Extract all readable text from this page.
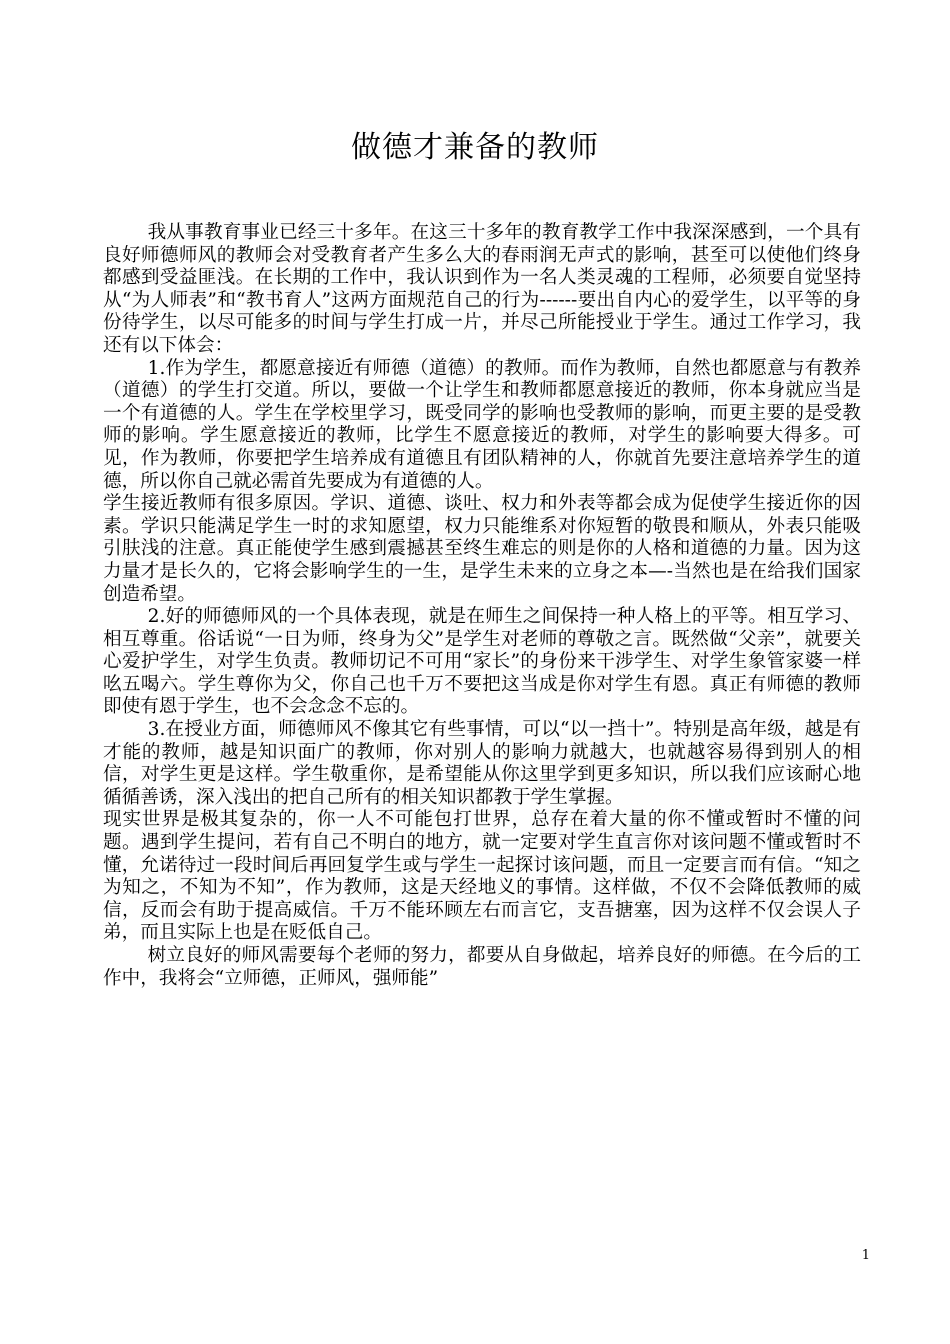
做德才兼备的教师

我从事教育事业已经三十多年。在这三十多年的教育教学工作中我深深感到，一个具有良好师德师风的教师会对受教育者产生多么大的春雨润无声式的影响，甚至可以使他们终身都感到受益匪浅。在长期的工作中，我认识到作为一名人类灵魂的工程师，必须要自觉坚持从“为人师表”和“教书育人”这两方面规范自己的行为------要出自内心的爱学生，以平等的身份待学生，以尽可能多的时间与学生打成一片，并尽己所能授业于学生。通过工作学习，我还有以下体会：

1.作为学生，都愿意接近有师德（道德）的教师。而作为教师，自然也都愿意与有教养（道德）的学生打交道。所以，要做一个让学生和教师都愿意接近的教师，你本身就应当是一个有道德的人。学生在学校里学习，既受同学的影响也受教师的影响，而更主要的是受教师的影响。学生愿意接近的教师，比学生不愿意接近的教师，对学生的影响要大得多。可见，作为教师，你要把学生培养成有道德且有团队精神的人，你就首先要注意培养学生的道德，所以你自己就必需首先要成为有道德的人。

学生接近教师有很多原因。学识、道德、谈吐、权力和外表等都会成为促使学生接近你的因素。学识只能满足学生一时的求知愿望，权力只能维系对你短暂的敬畏和顺从，外表只能吸引肤浅的注意。真正能使学生感到震撼甚至终生难忘的则是你的人格和道德的力量。因为这力量才是长久的，它将会影响学生的一生，是学生未来的立身之本—-当然也是在给我们国家创造希望。

2.好的师德师风的一个具体表现，就是在师生之间保持一种人格上的平等。相互学习、相互尊重。俗话说“一日为师，终身为父”是学生对老师的尊敬之言。既然做“父亲”，就要关心爱护学生，对学生负责。教师切记不可用“家长”的身份来干涉学生、对学生象管家婆一样吆五喝六。学生尊你为父，你自己也千万不要把这当成是你对学生有恩。真正有师德的教师即使有恩于学生，也不会念念不忘的。

3.在授业方面，师德师风不像其它有些事情，可以“以一挡十”。特别是高年级，越是有才能的教师，越是知识面广的教师，你对别人的影响力就越大，也就越容易得到别人的相信，对学生更是这样。学生敬重你，是希望能从你这里学到更多知识，所以我们应该耐心地循循善诱，深入浅出的把自己所有的相关知识都教于学生掌握。

现实世界是极其复杂的，你一人不可能包打世界，总存在着大量的你不懂或暂时不懂的问题。遇到学生提问，若有自己不明白的地方，就一定要对学生直言你对该问题不懂或暂时不懂，允诺待过一段时间后再回复学生或与学生一起探讨该问题，而且一定要言而有信。“知之为知之，不知为不知”，作为教师，这是天经地义的事情。这样做，不仅不会降低教师的威信，反而会有助于提高威信。千万不能环顾左右而言它，支吾搪塞，因为这样不仅会误人子弟，而且实际上也是在贬低自己。

树立良好的师风需要每个老师的努力，都要从自身做起，培养良好的师德。在今后的工作中，我将会“立师德，正师风，强师能”

1
